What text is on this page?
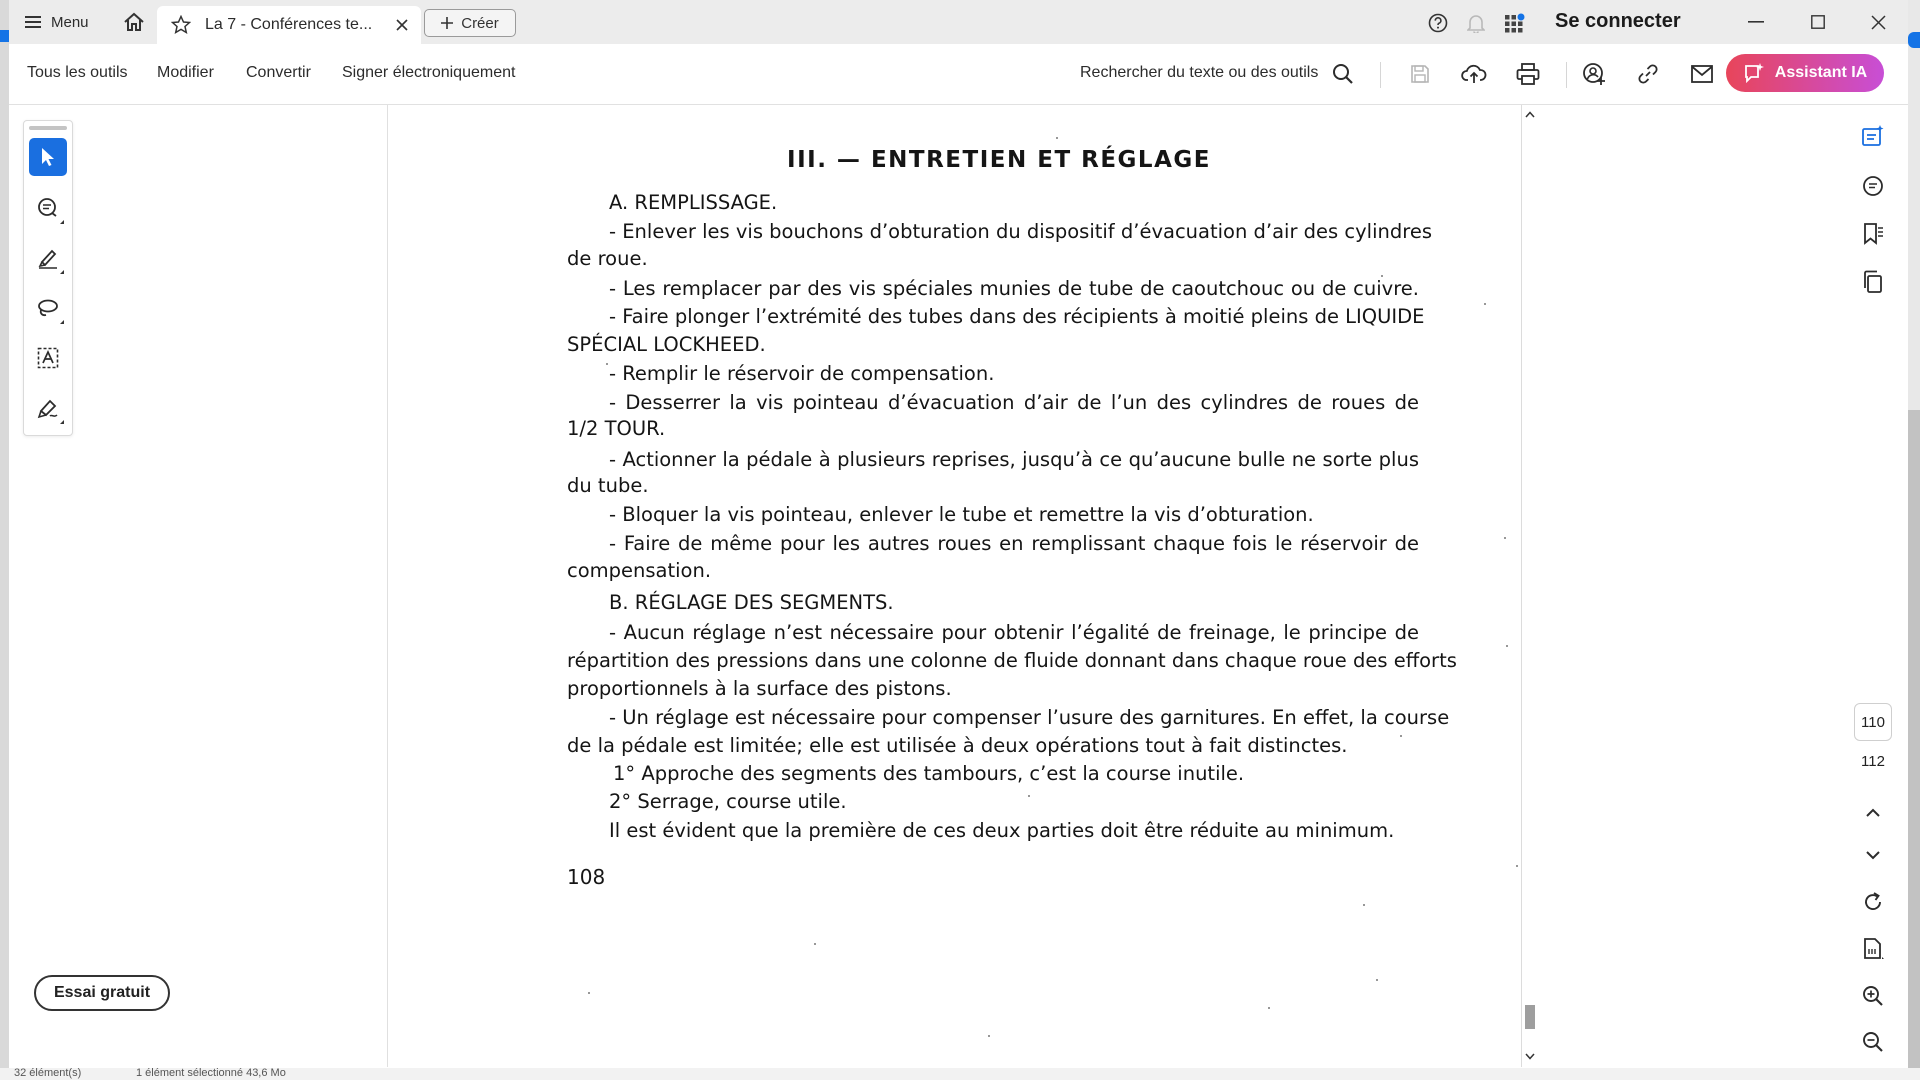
32 élément(s)	1 élément sélectionné 43,6 Mo
Menu	La 7 - Conférences te...	Créer	Se connecter
Tous les outils Modifier Convertir Signer électroniquement	Rechercher du texte ou des outils	Assistant IA
Essai gratuit
III. — ENTRETIEN ET RÉGLAGE
A. REMPLISSAGE.
- Enlever les vis bouchons d’obturation du dispositif d’évacuation d’air des cylindres
de roue.
- Les remplacer par des vis spéciales munies de tube de caoutchouc ou de cuivre.
- Faire plonger l’extrémité des tubes dans des récipients à moitié pleins de LIQUIDE
SPÉCIAL LOCKHEED.
- Remplir le réservoir de compensation.
- Desserrer la vis pointeau d’évacuation d’air de l’un des cylindres de roues de
1/2 TOUR.
- Actionner la pédale à plusieurs reprises, jusqu’à ce qu’aucune bulle ne sorte plus
du tube.
- Bloquer la vis pointeau, enlever le tube et remettre la vis d’obturation.
- Faire de même pour les autres roues en remplissant chaque fois le réservoir de
compensation.
B. RÉGLAGE DES SEGMENTS.
- Aucun réglage n’est nécessaire pour obtenir l’égalité de freinage, le principe de
répartition des pressions dans une colonne de fluide donnant dans chaque roue des efforts
proportionnels à la surface des pistons.
- Un réglage est nécessaire pour compenser l’usure des garnitures. En effet, la course
de la pédale est limitée; elle est utilisée à deux opérations tout à fait distinctes.
1° Approche des segments des tambours, c’est la course inutile.
2° Serrage, course utile.
Il est évident que la première de ces deux parties doit être réduite au minimum.
108
110
112
